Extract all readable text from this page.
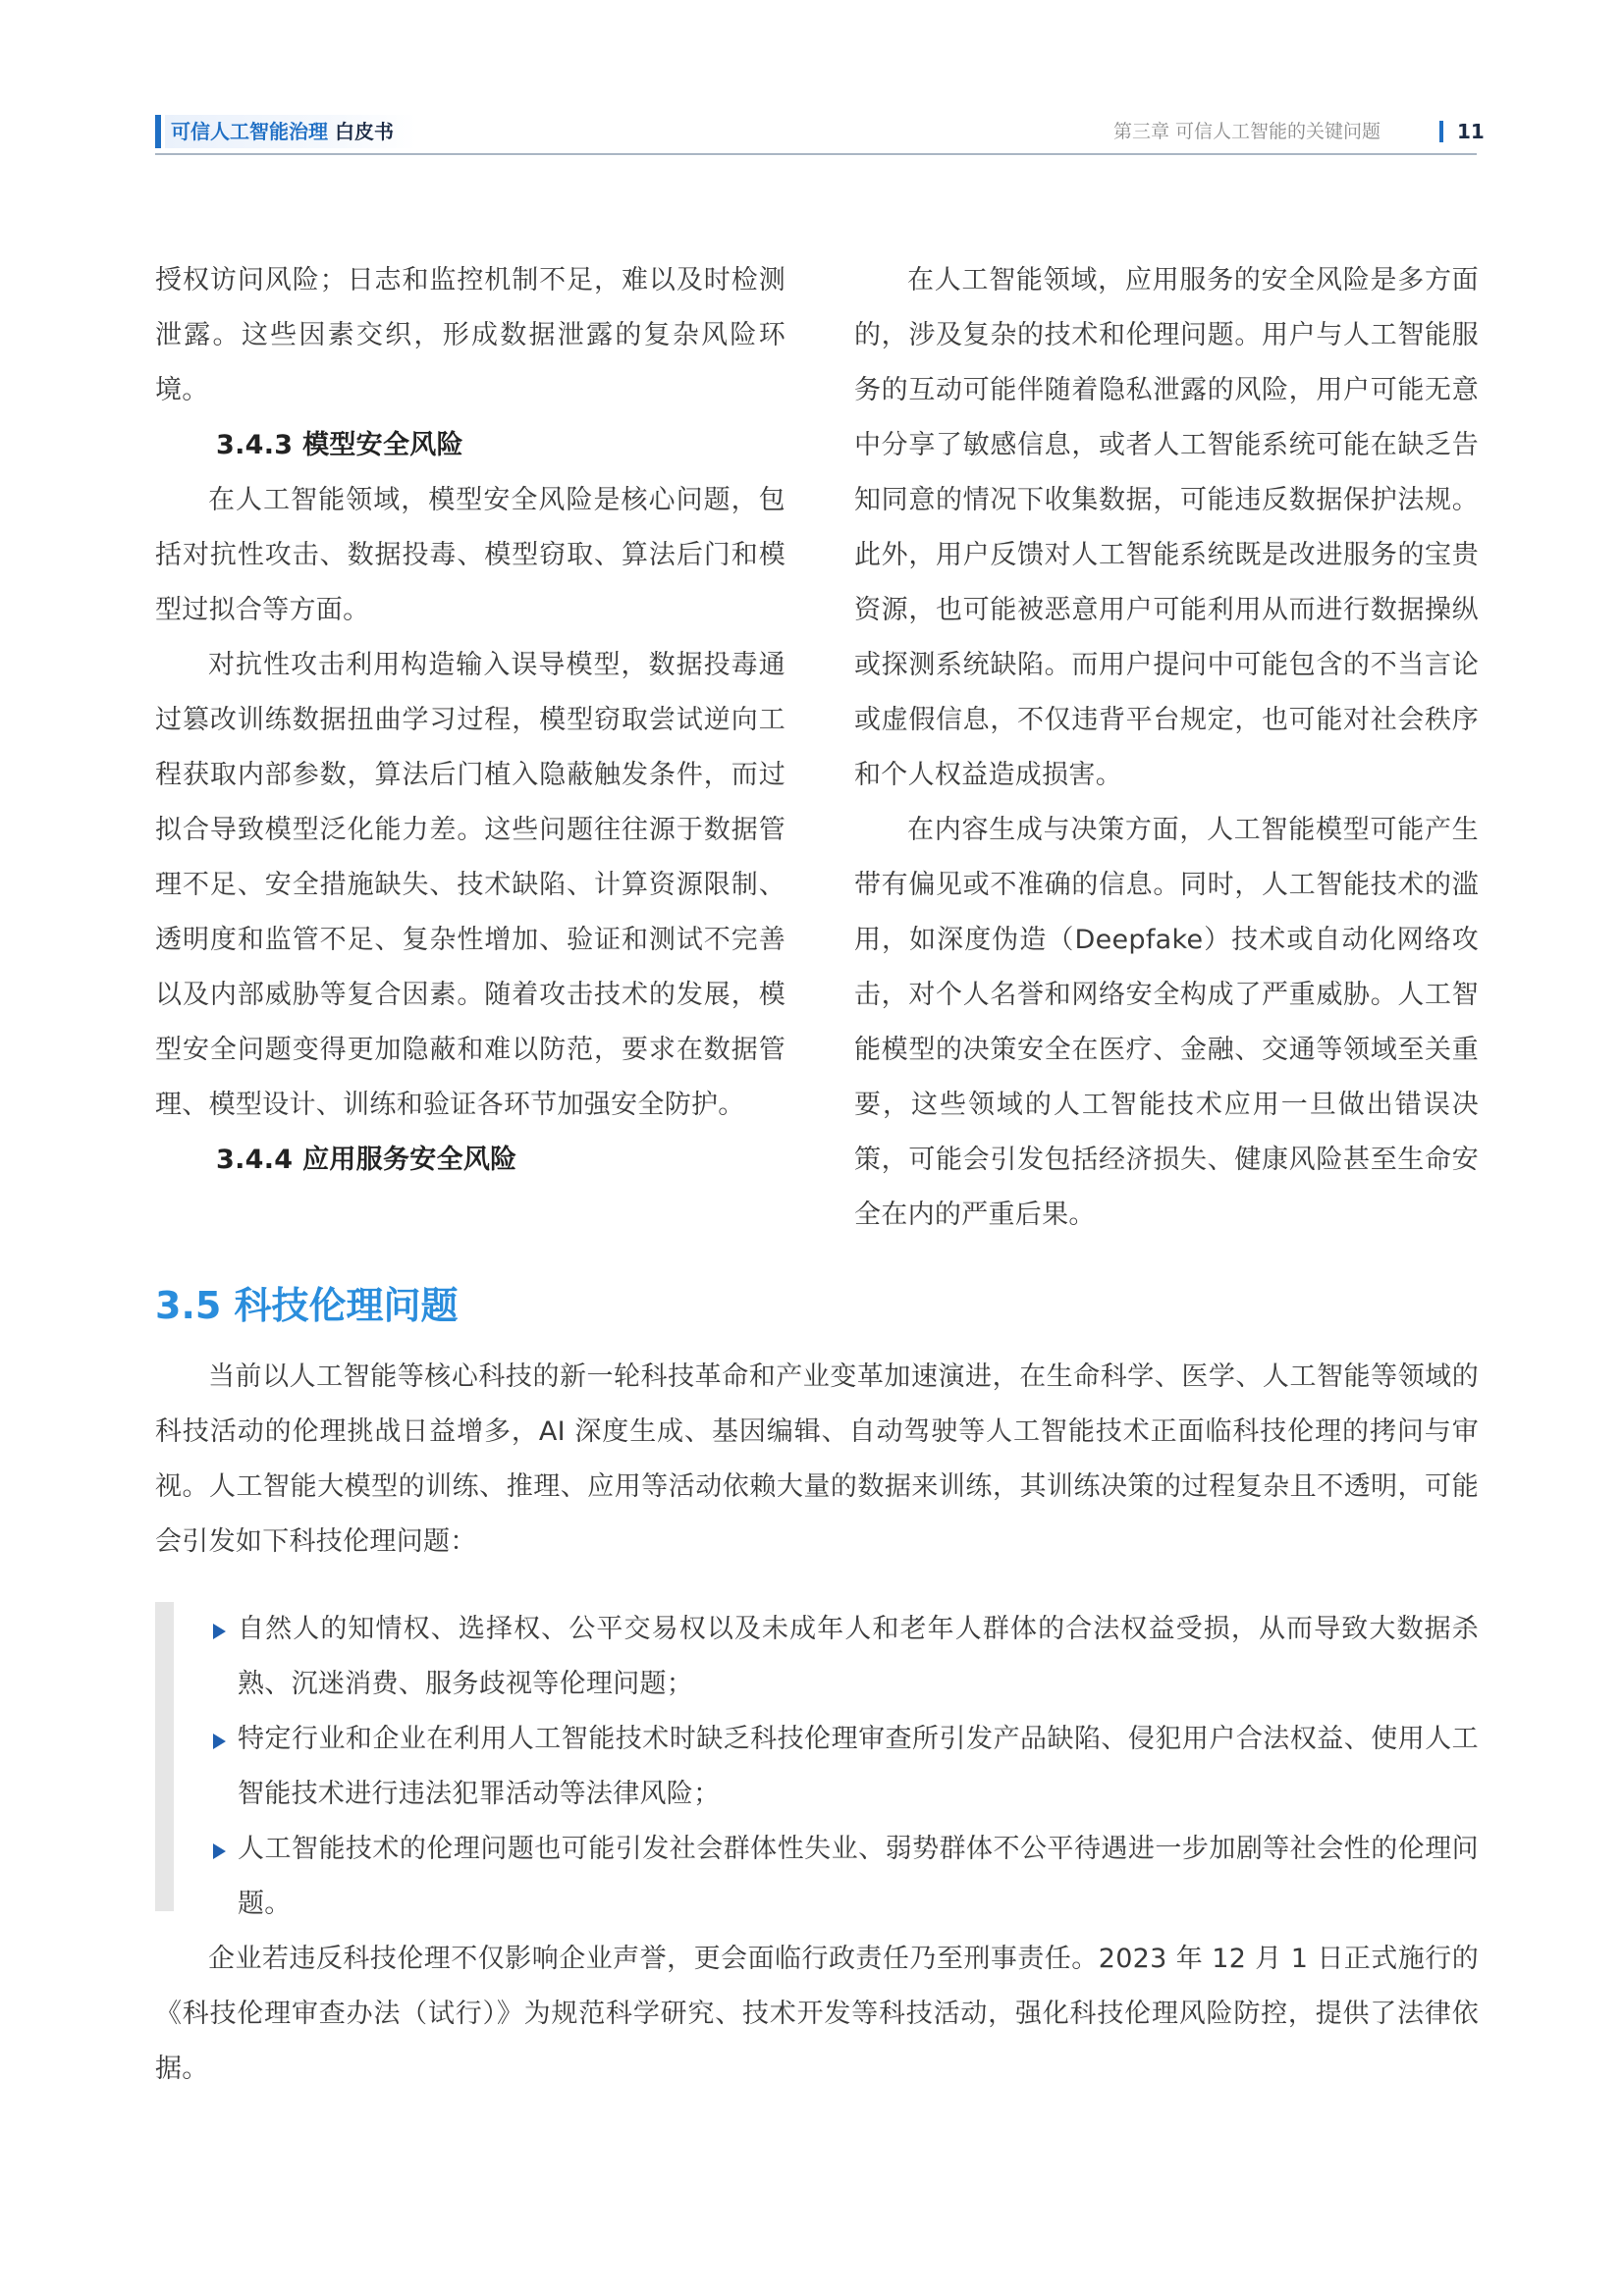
可信人工智能治理 白皮书	第三章 可信人工智能的关键问题	11

授权访问风险；日志和监控机制不足，难以及时检测泄露。这些因素交织，形成数据泄露的复杂风险环境。

3.4.3 模型安全风险

在人工智能领域，模型安全风险是核心问题，包括对抗性攻击、数据投毒、模型窃取、算法后门和模型过拟合等方面。

对抗性攻击利用构造输入误导模型，数据投毒通过篡改训练数据扭曲学习过程，模型窃取尝试逆向工程获取内部参数，算法后门植入隐蔽触发条件，而过拟合导致模型泛化能力差。这些问题往往源于数据管理不足、安全措施缺失、技术缺陷、计算资源限制、透明度和监管不足、复杂性增加、验证和测试不完善以及内部威胁等复合因素。随着攻击技术的发展，模型安全问题变得更加隐蔽和难以防范，要求在数据管理、模型设计、训练和验证各环节加强安全防护。

3.4.4 应用服务安全风险

在人工智能领域，应用服务的安全风险是多方面的，涉及复杂的技术和伦理问题。用户与人工智能服务的互动可能伴随着隐私泄露的风险，用户可能无意中分享了敏感信息，或者人工智能系统可能在缺乏告知同意的情况下收集数据，可能违反数据保护法规。此外，用户反馈对人工智能系统既是改进服务的宝贵资源，也可能被恶意用户可能利用从而进行数据操纵或探测系统缺陷。而用户提问中可能包含的不当言论或虚假信息，不仅违背平台规定，也可能对社会秩序和个人权益造成损害。

在内容生成与决策方面，人工智能模型可能产生带有偏见或不准确的信息。同时，人工智能技术的滥用，如深度伪造（Deepfake）技术或自动化网络攻击，对个人名誉和网络安全构成了严重威胁。人工智能模型的决策安全在医疗、金融、交通等领域至关重要，这些领域的人工智能技术应用一旦做出错误决策，可能会引发包括经济损失、健康风险甚至生命安全在内的严重后果。

3.5 科技伦理问题

当前以人工智能等核心科技的新一轮科技革命和产业变革加速演进，在生命科学、医学、人工智能等领域的科技活动的伦理挑战日益增多，AI 深度生成、基因编辑、自动驾驶等人工智能技术正面临科技伦理的拷问与审视。人工智能大模型的训练、推理、应用等活动依赖大量的数据来训练，其训练决策的过程复杂且不透明，可能会引发如下科技伦理问题：

自然人的知情权、选择权、公平交易权以及未成年人和老年人群体的合法权益受损，从而导致大数据杀熟、沉迷消费、服务歧视等伦理问题；

特定行业和企业在利用人工智能技术时缺乏科技伦理审查所引发产品缺陷、侵犯用户合法权益、使用人工智能技术进行违法犯罪活动等法律风险；

人工智能技术的伦理问题也可能引发社会群体性失业、弱势群体不公平待遇进一步加剧等社会性的伦理问题。

企业若违反科技伦理不仅影响企业声誉，更会面临行政责任乃至刑事责任。2023 年 12 月 1 日正式施行的《科技伦理审查办法（试行）》为规范科学研究、技术开发等科技活动，强化科技伦理风险防控，提供了法律依据。
